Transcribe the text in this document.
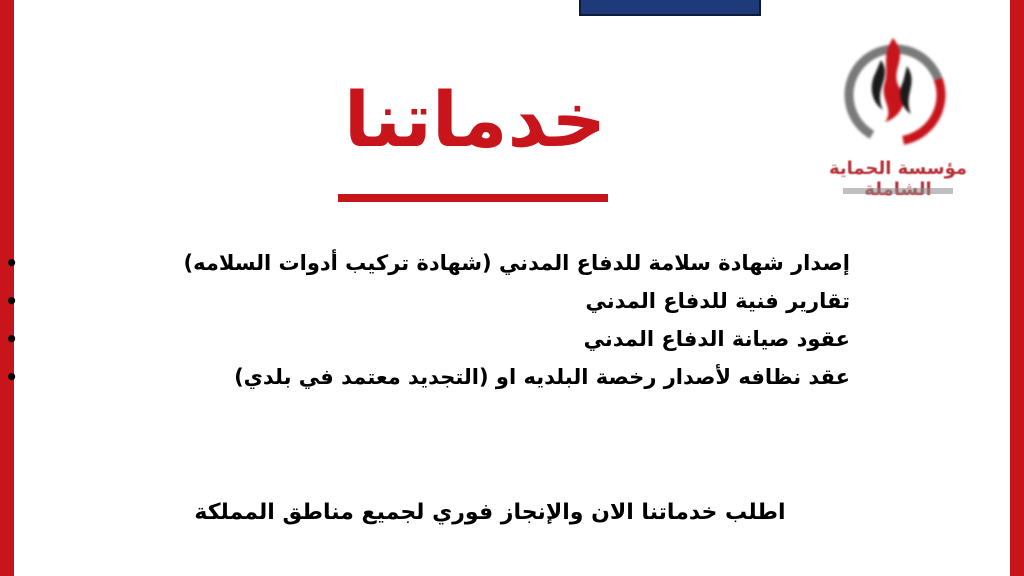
خدماتنا
مؤسسة الحماية
•	إصدار شهادة سلامة للدفاع المدني (شهادة تركيب أدوات السلامه)
•	تقارير فنية للدفاع المدني
•	عقود صيانة الدفاع المدني
•	عقد نظافه لأصدار رخصة البلديه او (التجديد معتمد في بلدي)
اطلب خدماتنا الان والإنجاز فوري لجميع مناطق المملكة
